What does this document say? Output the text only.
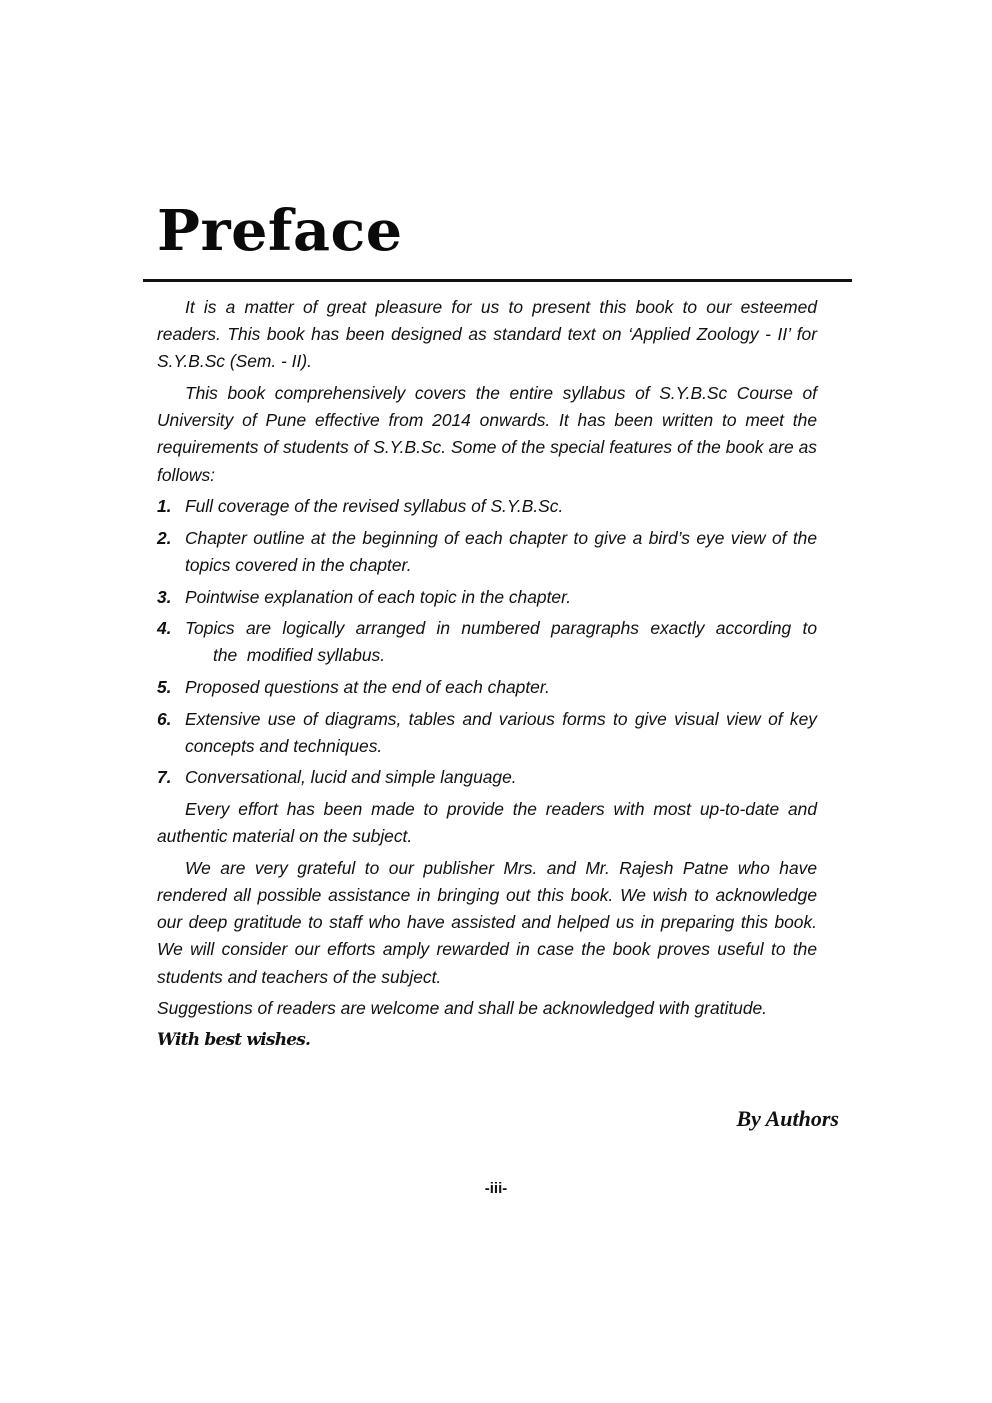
Preface

It is a matter of great pleasure for us to present this book to our esteemed readers. This book has been designed as standard text on ‘Applied Zoology - II’ for S.Y.B.Sc (Sem. - II).

This book comprehensively covers the entire syllabus of S.Y.B.Sc Course of University of Pune effective from 2014 onwards. It has been written to meet the requirements of students of S.Y.B.Sc. Some of the special features of the book are as follows:

1. Full coverage of the revised syllabus of S.Y.B.Sc.
2. Chapter outline at the beginning of each chapter to give a bird’s eye view of the topics covered in the chapter.
3. Pointwise explanation of each topic in the chapter.
4. Topics are logically arranged in numbered paragraphs exactly according to
the  modified syllabus.
5. Proposed questions at the end of each chapter.
6. Extensive use of diagrams, tables and various forms to give visual view of key concepts and techniques.
7. Conversational, lucid and simple language.

Every effort has been made to provide the readers with most up-to-date and authentic material on the subject.

We are very grateful to our publisher Mrs. and Mr. Rajesh Patne who have rendered all possible assistance in bringing out this book. We wish to acknowledge our deep gratitude to staff who have assisted and helped us in preparing this book. We will consider our efforts amply rewarded in case the book proves useful to the students and teachers of the subject.

Suggestions of readers are welcome and shall be acknowledged with gratitude.

With best wishes.

By Authors
-iii-
